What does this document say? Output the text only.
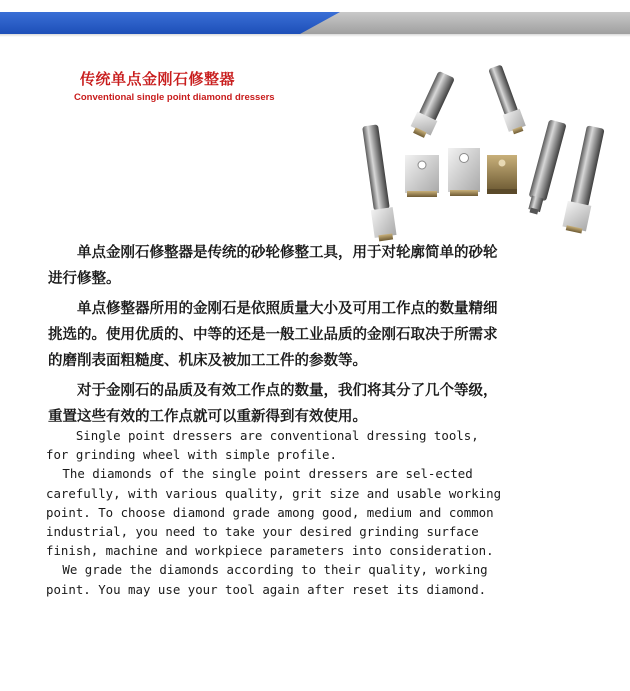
传统单点金刚石修整器
Conventional single point diamond dressers

单点金刚石修整器是传统的砂轮修整工具，用于对轮廓简单的砂轮进行修整。

单点修整器所用的金刚石是依照质量大小及可用工作点的数量精细挑选的。使用优质的、中等的还是一般工业品质的金刚石取决于所需求的磨削表面粗糙度、机床及被加工工件的参数等。

对于金刚石的品质及有效工作点的数量，我们将其分了几个等级，重置这些有效的工作点就可以重新得到有效使用。

Single point dressers are conventional dressing tools, for grinding wheel with simple profile.

The diamonds of the single point dressers are sel-ected carefully, with various quality, grit size and usable working point. To choose diamond grade among good, medium and common industrial, you need to take your desired grinding surface finish, machine and workpiece parameters into consideration.

We grade the diamonds according to their quality, working point. You may use your tool again after reset its diamond.
